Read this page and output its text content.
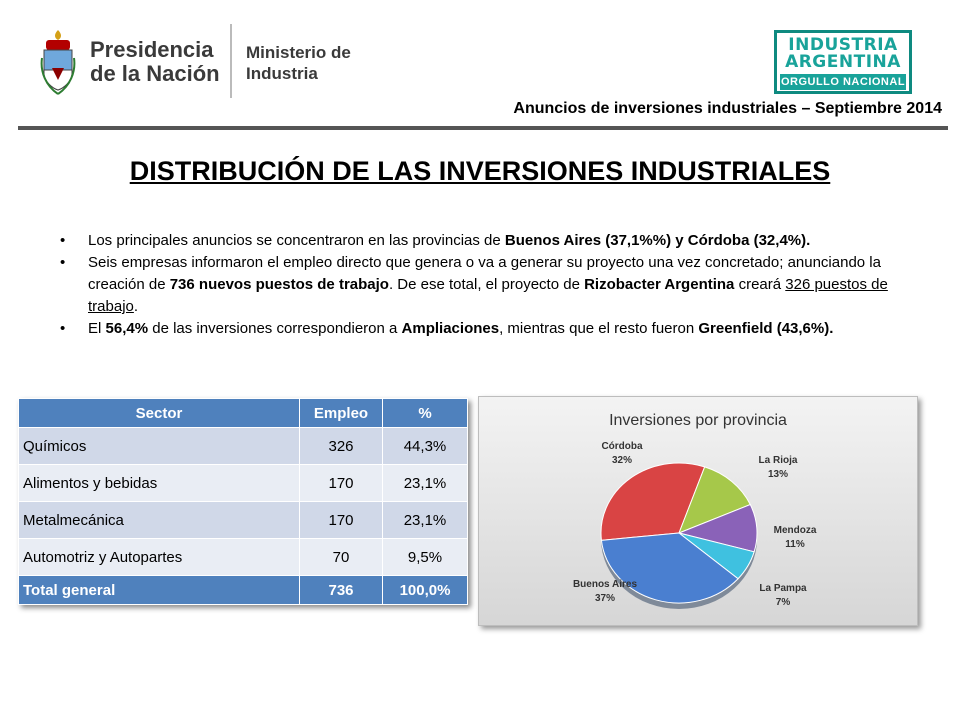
Presidencia
de la Nación
Ministerio de
Industria
INDUSTRIA
ARGENTINA
ORGULLO NACIONAL
Anuncios de inversiones industriales – Septiembre 2014
DISTRIBUCIÓN DE LAS INVERSIONES INDUSTRIALES
• Los principales anuncios se concentraron en las provincias de Buenos Aires (37,1%%) y Córdoba (32,4%).
• Seis empresas informaron el empleo directo que genera o va a generar su proyecto una vez concretado; anunciando la creación de 736 nuevos puestos de trabajo. De ese total, el proyecto de Rizobacter Argentina creará 326 puestos de trabajo.
• El 56,4% de las inversiones correspondieron a Ampliaciones, mientras que el resto fueron Greenfield (43,6%).
Sector	Empleo	%
Químicos	326	44,3%
Alimentos y bebidas	170	23,1%
Metalmecánica	170	23,1%
Automotriz y Autopartes	70	9,5%
Total general	736	100,0%
Inversiones por provincia
Córdoba
32%	La Rioja
13%
Mendoza
11%
La Pampa
7%
Buenos Aires
37%
